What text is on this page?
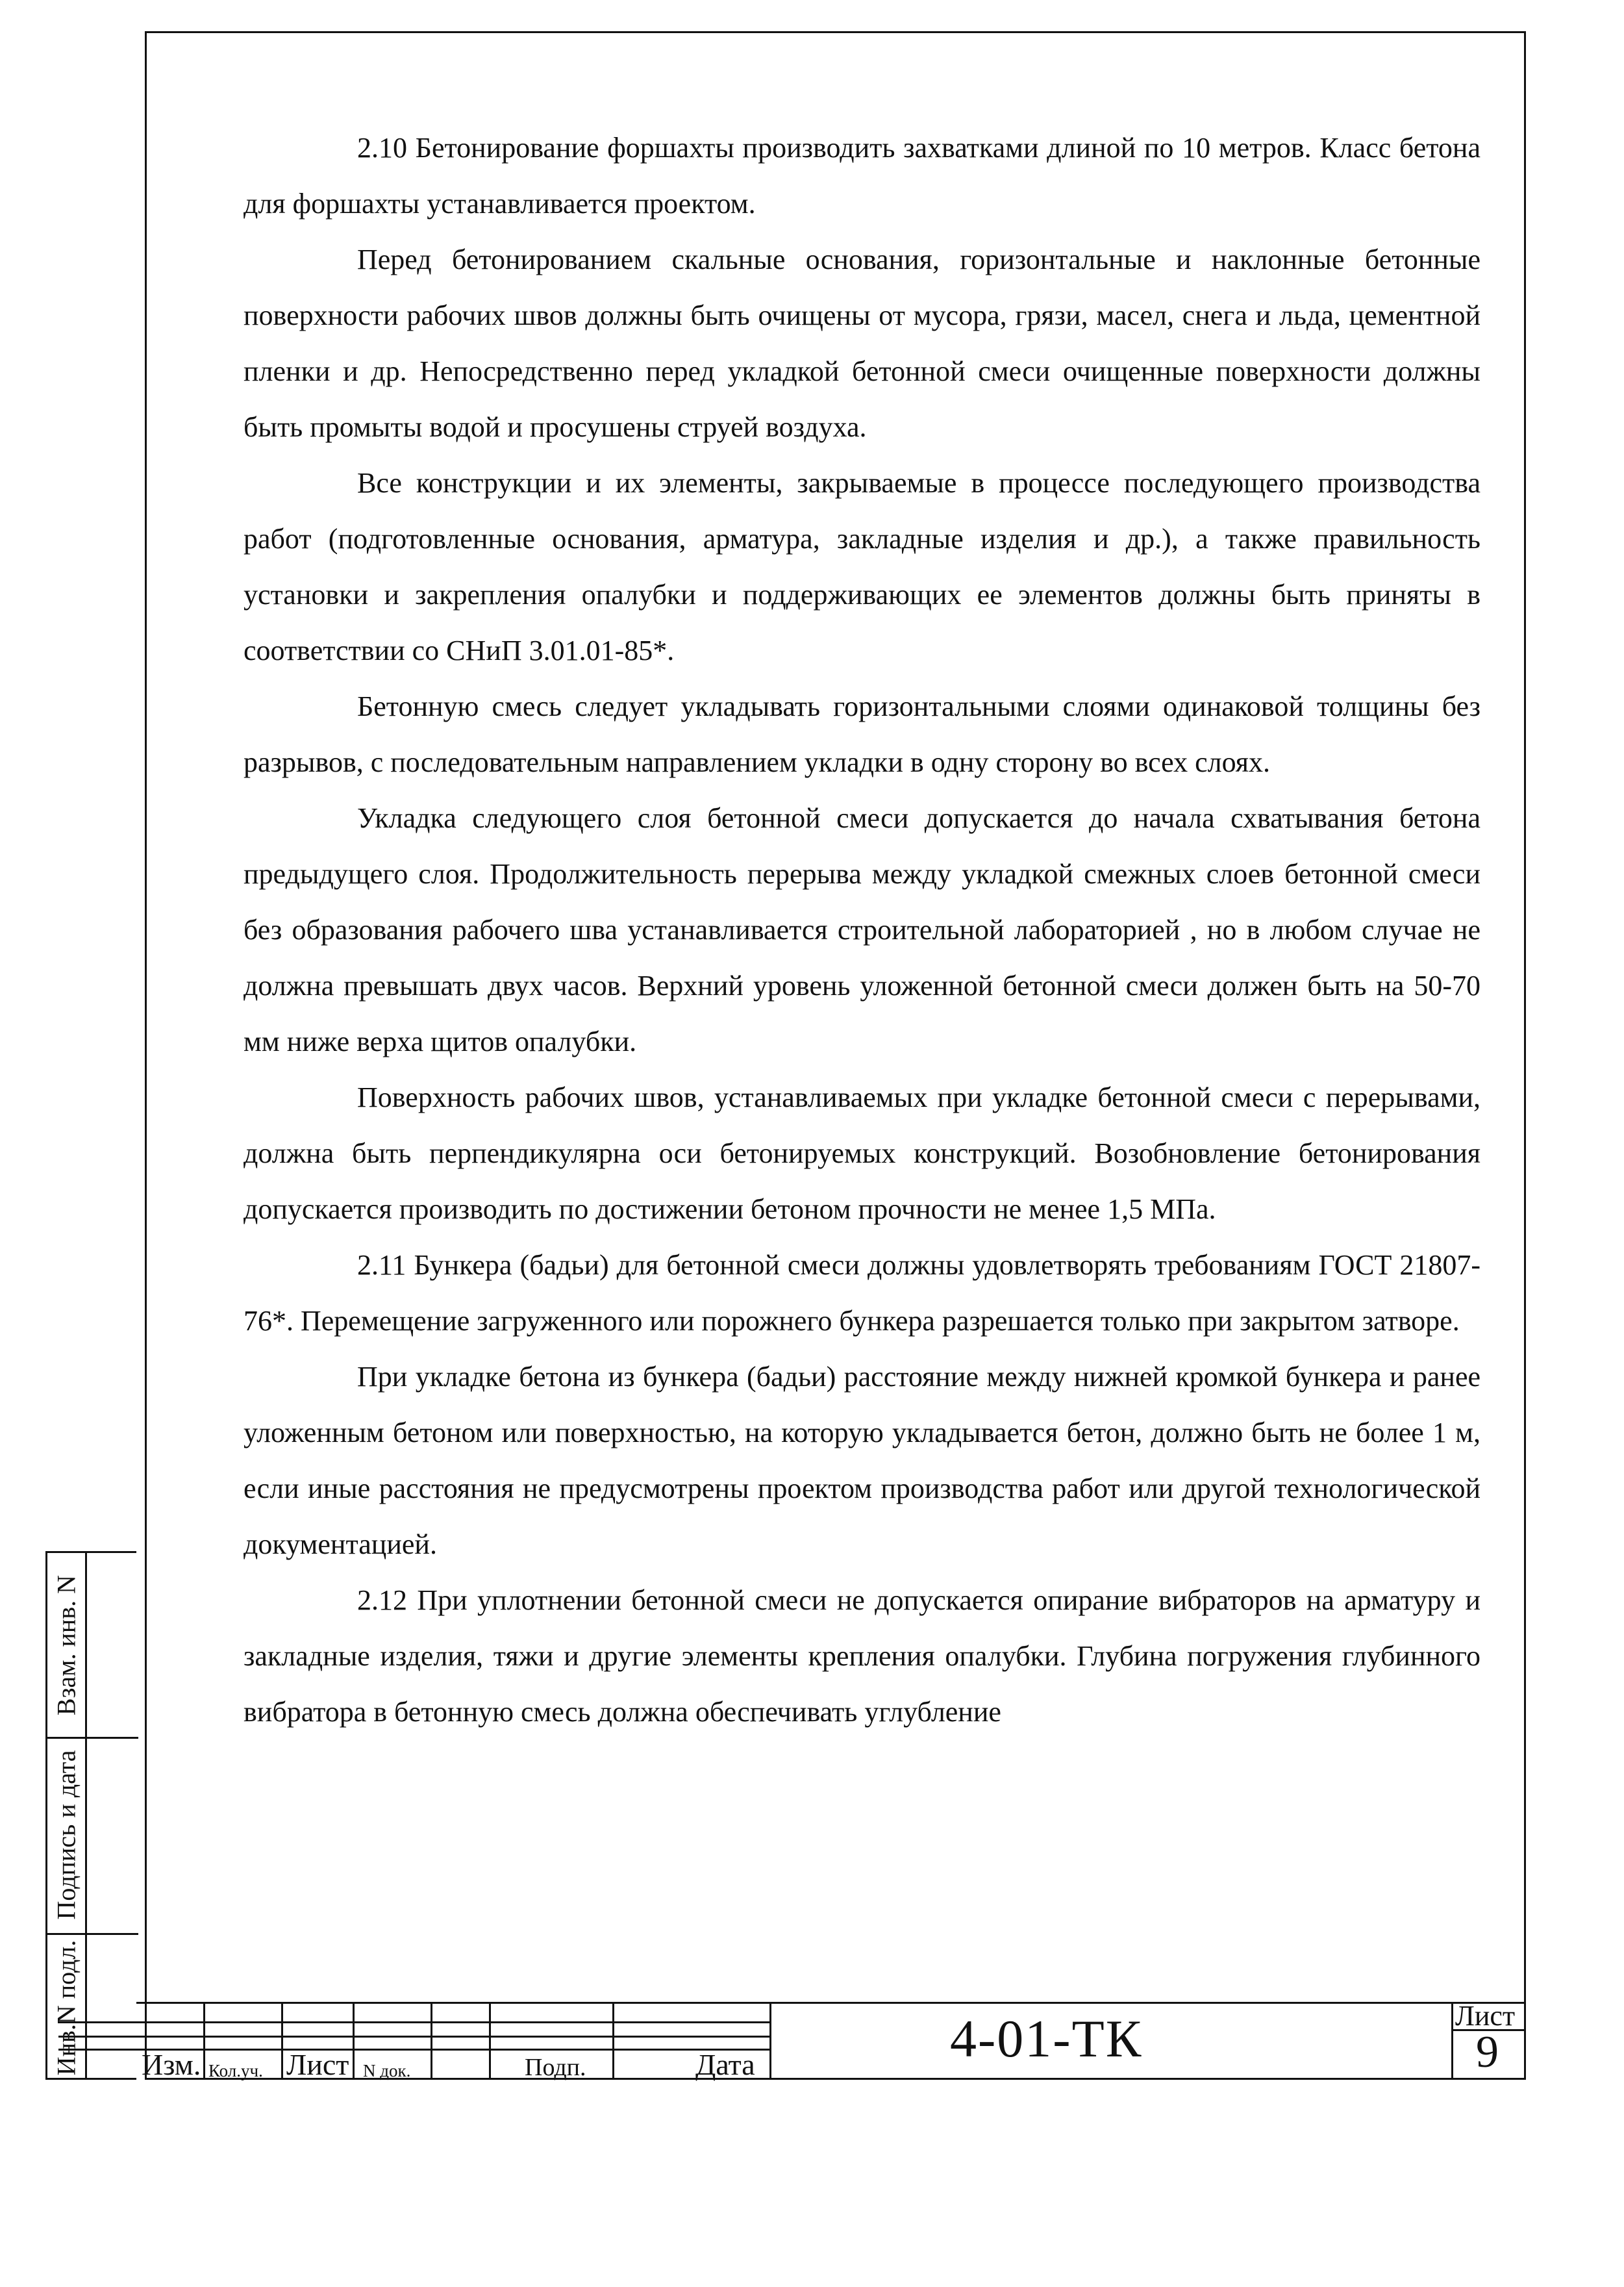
2.10 Бетонирование форшахты производить захватками длиной по 10 метров. Класс бетона для форшахты устанавливается проектом.

Перед бетонированием скальные основания, горизонтальные и наклонные бетонные поверхности рабочих швов должны быть очищены от мусора, грязи, масел, снега и льда, цементной пленки и др. Непосредственно перед укладкой бетонной смеси очищенные поверхности должны быть промыты водой и просушены струей воздуха.

Все конструкции и их элементы, закрываемые в процессе последующего производства работ (подготовленные основания, арматура, закладные изделия и др.), а также правильность установки и закрепления опалубки и поддерживающих ее элементов должны быть приняты в соответствии со СНиП 3.01.01-85*.

Бетонную смесь следует укладывать горизонтальными слоями одинаковой толщины без разрывов, с последовательным направлением укладки в одну сторону во всех слоях.

Укладка следующего слоя бетонной смеси допускается до начала схватывания бетона предыдущего слоя. Продолжительность перерыва между укладкой смежных слоев бетонной смеси без образования рабочего шва устанавливается строительной лабораторией , но в любом случае не должна превышать двух часов. Верхний уровень уложенной бетонной смеси должен быть на 50-70 мм ниже верха щитов опалубки.

Поверхность рабочих швов, устанавливаемых при укладке бетонной смеси с перерывами, должна быть перпендикулярна оси бетонируемых конструкций. Возобновление бетонирования допускается производить по достижении бетоном прочности не менее 1,5 МПа.

2.11 Бункера (бадьи) для бетонной смеси должны удовлетворять требованиям ГОСТ 21807-76*. Перемещение загруженного или порожнего бункера разрешается только при закрытом затворе.

При укладке бетона из бункера (бадьи) расстояние между нижней кромкой бункера и ранее уложенным бетоном или поверхностью, на которую укладывается бетон, должно быть не более 1 м, если иные расстояния не предусмотрены проектом производства работ или другой технологической документацией.

2.12 При уплотнении бетонной смеси не допускается опирание вибраторов на арматуру и закладные изделия, тяжи и другие элементы крепления опалубки. Глубина погружения глубинного вибратора в бетонную смесь должна обеспечивать углубление

Взам. инв. N
Подпись и дата
Инв.N подл. Изм. Кол.уч. Лист N док.	Подп.	Дата	4-01-ТК	Лист
9
